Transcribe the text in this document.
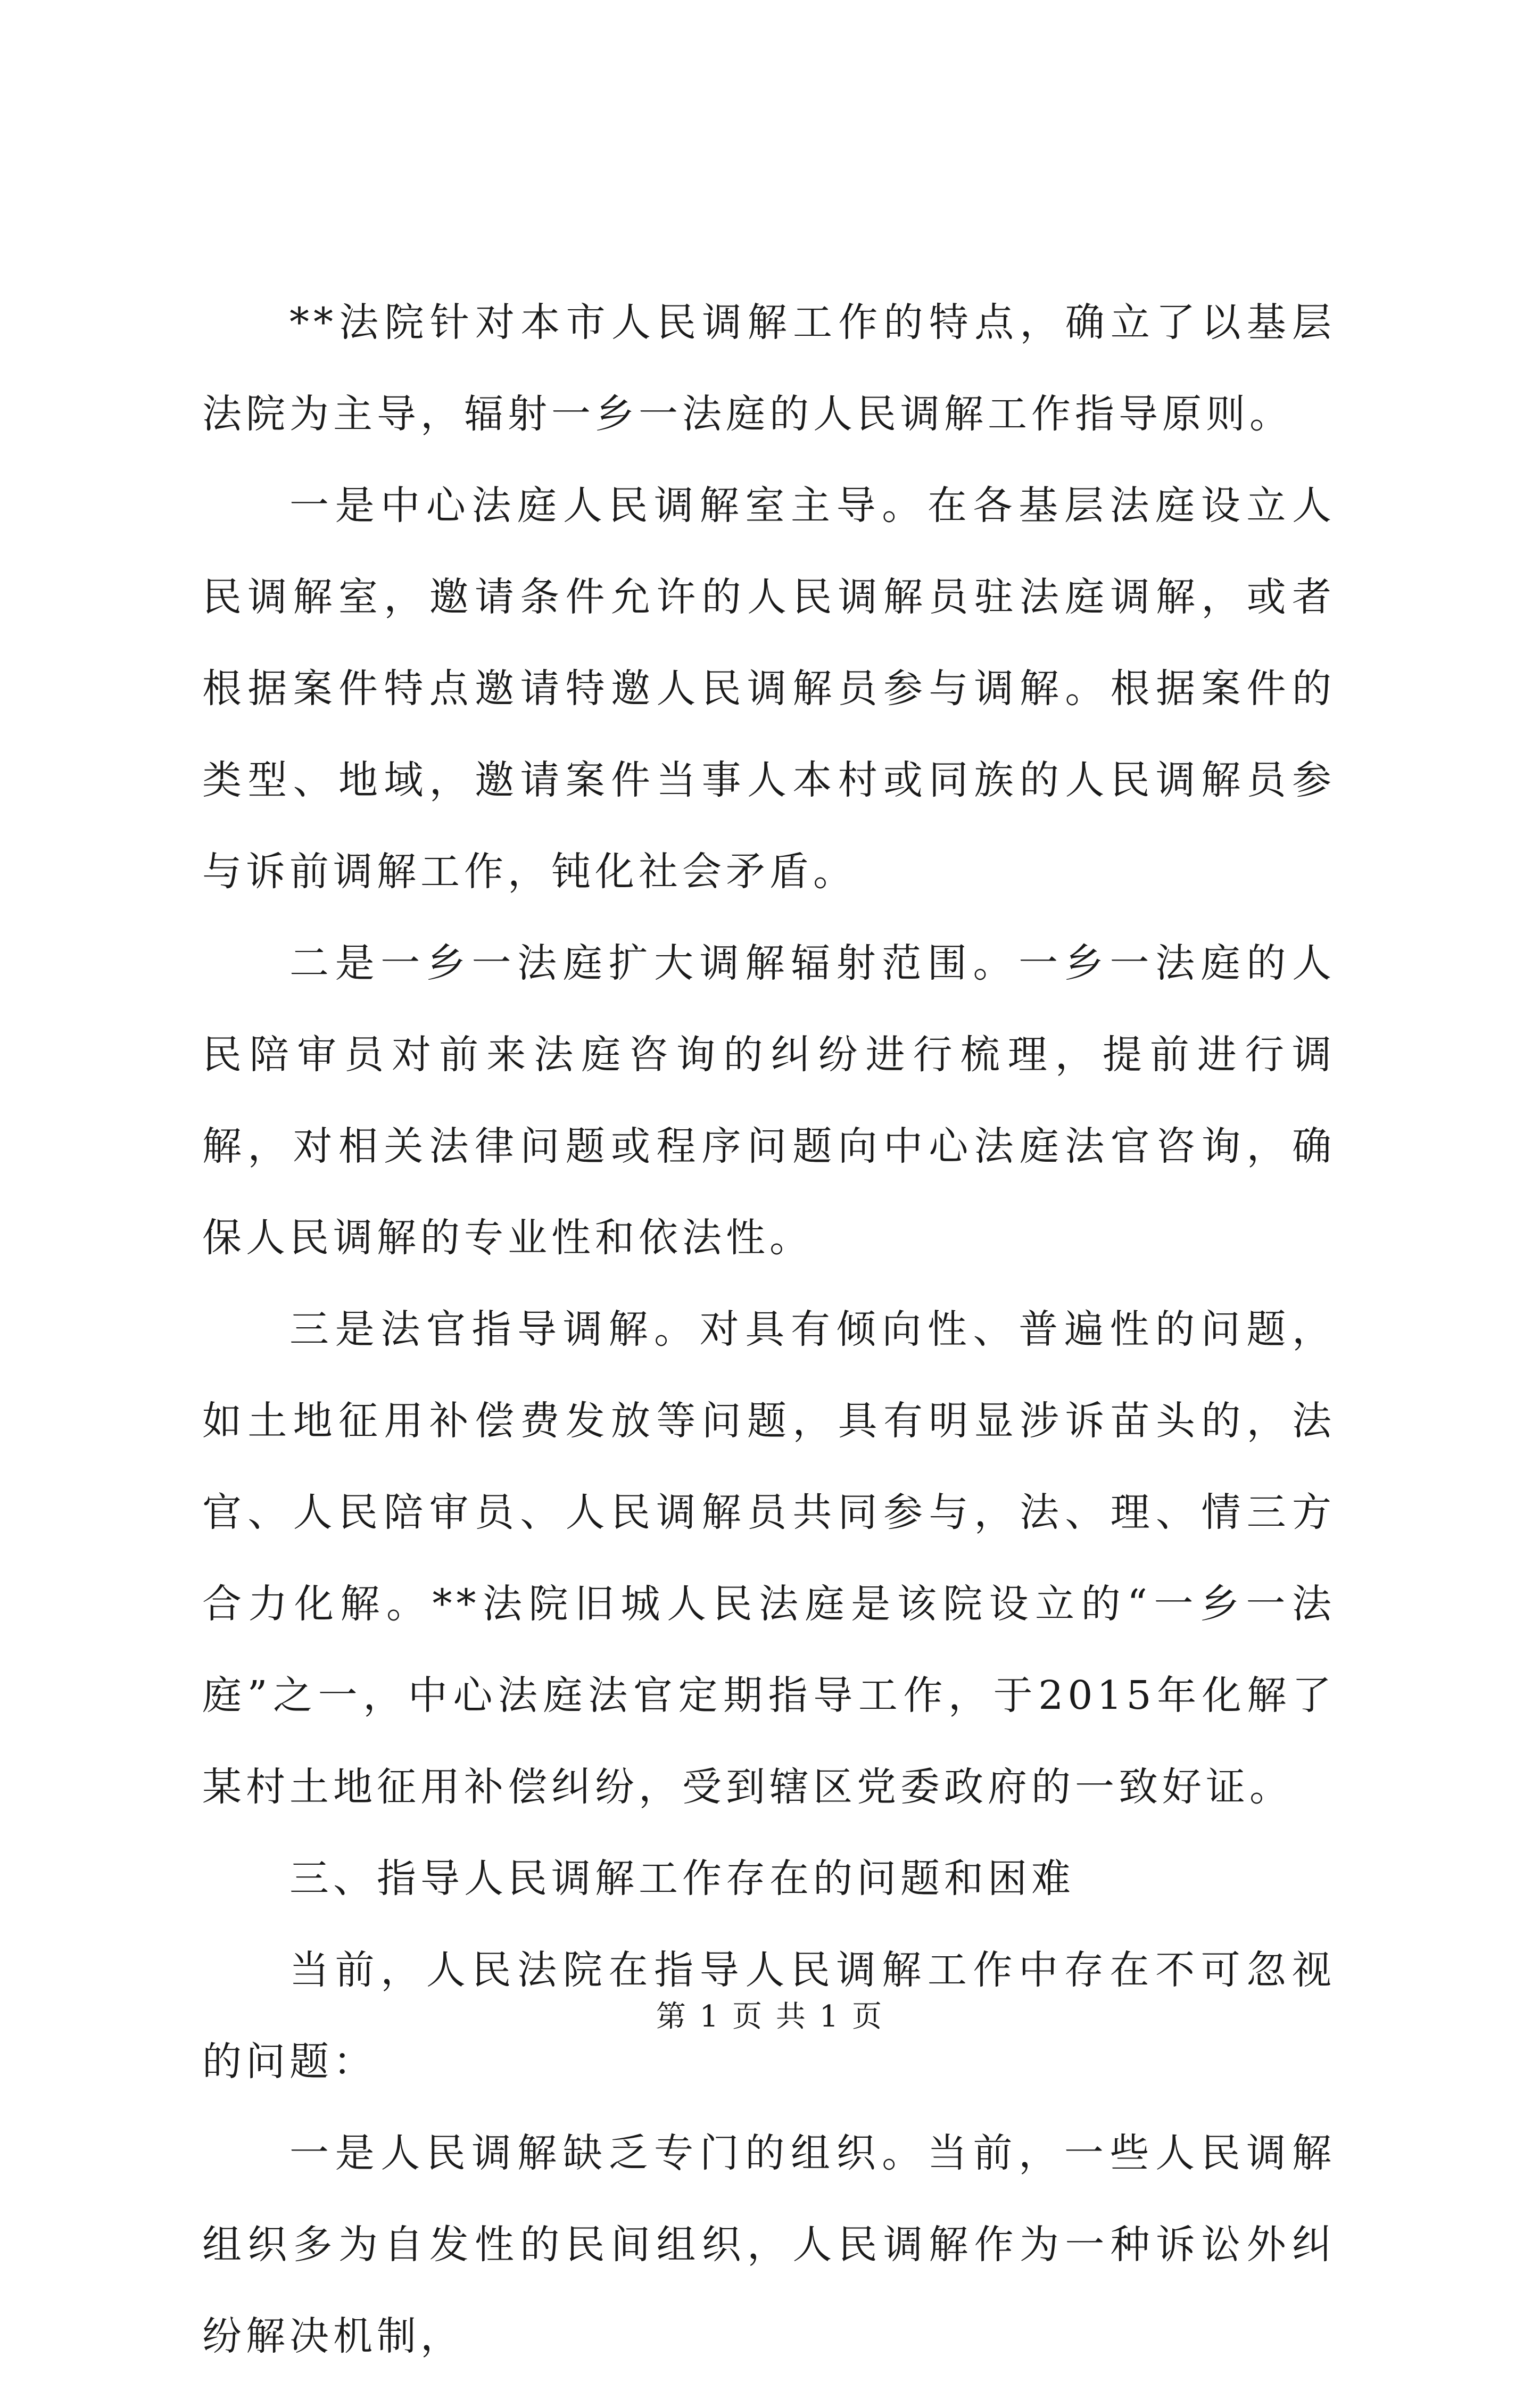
**法院针对本市人民调解工作的特点，确立了以基层法院为主导，辐射一乡一法庭的人民调解工作指导原则。

一是中心法庭人民调解室主导。在各基层法庭设立人民调解室，邀请条件允许的人民调解员驻法庭调解，或者根据案件特点邀请特邀人民调解员参与调解。根据案件的类型、地域，邀请案件当事人本村或同族的人民调解员参与诉前调解工作，钝化社会矛盾。

二是一乡一法庭扩大调解辐射范围。一乡一法庭的人民陪审员对前来法庭咨询的纠纷进行梳理，提前进行调解，对相关法律问题或程序问题向中心法庭法官咨询，确保人民调解的专业性和依法性。

三是法官指导调解。对具有倾向性、普遍性的问题，如土地征用补偿费发放等问题，具有明显涉诉苗头的，法官、人民陪审员、人民调解员共同参与，法、理、情三方合力化解。**法院旧城人民法庭是该院设立的“一乡一法庭”之一，中心法庭法官定期指导工作，于2015年化解了某村土地征用补偿纠纷，受到辖区党委政府的一致好证。

三、指导人民调解工作存在的问题和困难

当前，人民法院在指导人民调解工作中存在不可忽视的问题：

一是人民调解缺乏专门的组织。当前，一些人民调解组织多为自发性的民间组织，人民调解作为一种诉讼外纠纷解决机制，

第 1 页 共 1 页
